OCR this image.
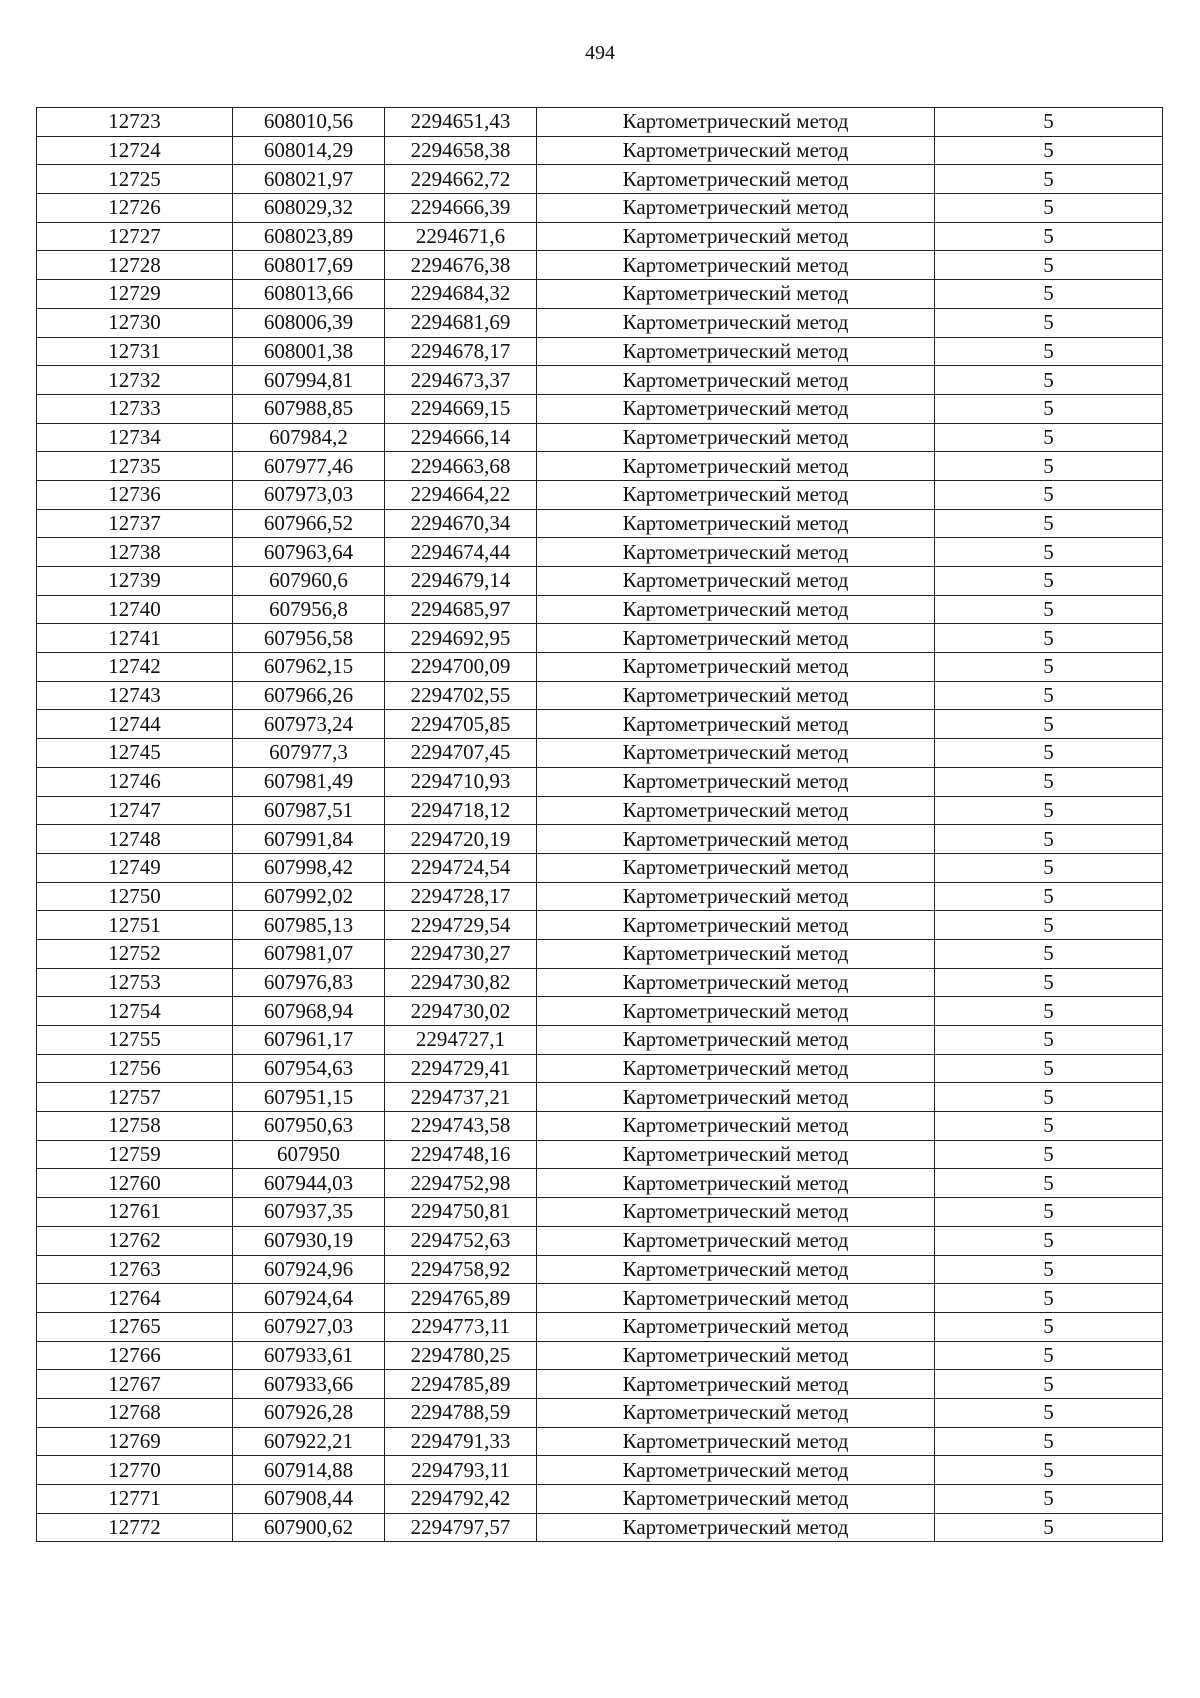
494
12723	608010,56	2294651,43	Картометрический метод	5
12724	608014,29	2294658,38	Картометрический метод	5
12725	608021,97	2294662,72	Картометрический метод	5
12726	608029,32	2294666,39	Картометрический метод	5
12727	608023,89	2294671,6	Картометрический метод	5
12728	608017,69	2294676,38	Картометрический метод	5
12729	608013,66	2294684,32	Картометрический метод	5
12730	608006,39	2294681,69	Картометрический метод	5
12731	608001,38	2294678,17	Картометрический метод	5
12732	607994,81	2294673,37	Картометрический метод	5
12733	607988,85	2294669,15	Картометрический метод	5
12734	607984,2	2294666,14	Картометрический метод	5
12735	607977,46	2294663,68	Картометрический метод	5
12736	607973,03	2294664,22	Картометрический метод	5
12737	607966,52	2294670,34	Картометрический метод	5
12738	607963,64	2294674,44	Картометрический метод	5
12739	607960,6	2294679,14	Картометрический метод	5
12740	607956,8	2294685,97	Картометрический метод	5
12741	607956,58	2294692,95	Картометрический метод	5
12742	607962,15	2294700,09	Картометрический метод	5
12743	607966,26	2294702,55	Картометрический метод	5
12744	607973,24	2294705,85	Картометрический метод	5
12745	607977,3	2294707,45	Картометрический метод	5
12746	607981,49	2294710,93	Картометрический метод	5
12747	607987,51	2294718,12	Картометрический метод	5
12748	607991,84	2294720,19	Картометрический метод	5
12749	607998,42	2294724,54	Картометрический метод	5
12750	607992,02	2294728,17	Картометрический метод	5
12751	607985,13	2294729,54	Картометрический метод	5
12752	607981,07	2294730,27	Картометрический метод	5
12753	607976,83	2294730,82	Картометрический метод	5
12754	607968,94	2294730,02	Картометрический метод	5
12755	607961,17	2294727,1	Картометрический метод	5
12756	607954,63	2294729,41	Картометрический метод	5
12757	607951,15	2294737,21	Картометрический метод	5
12758	607950,63	2294743,58	Картометрический метод	5
12759	607950	2294748,16	Картометрический метод	5
12760	607944,03	2294752,98	Картометрический метод	5
12761	607937,35	2294750,81	Картометрический метод	5
12762	607930,19	2294752,63	Картометрический метод	5
12763	607924,96	2294758,92	Картометрический метод	5
12764	607924,64	2294765,89	Картометрический метод	5
12765	607927,03	2294773,11	Картометрический метод	5
12766	607933,61	2294780,25	Картометрический метод	5
12767	607933,66	2294785,89	Картометрический метод	5
12768	607926,28	2294788,59	Картометрический метод	5
12769	607922,21	2294791,33	Картометрический метод	5
12770	607914,88	2294793,11	Картометрический метод	5
12771	607908,44	2294792,42	Картометрический метод	5
12772	607900,62	2294797,57	Картометрический метод	5
